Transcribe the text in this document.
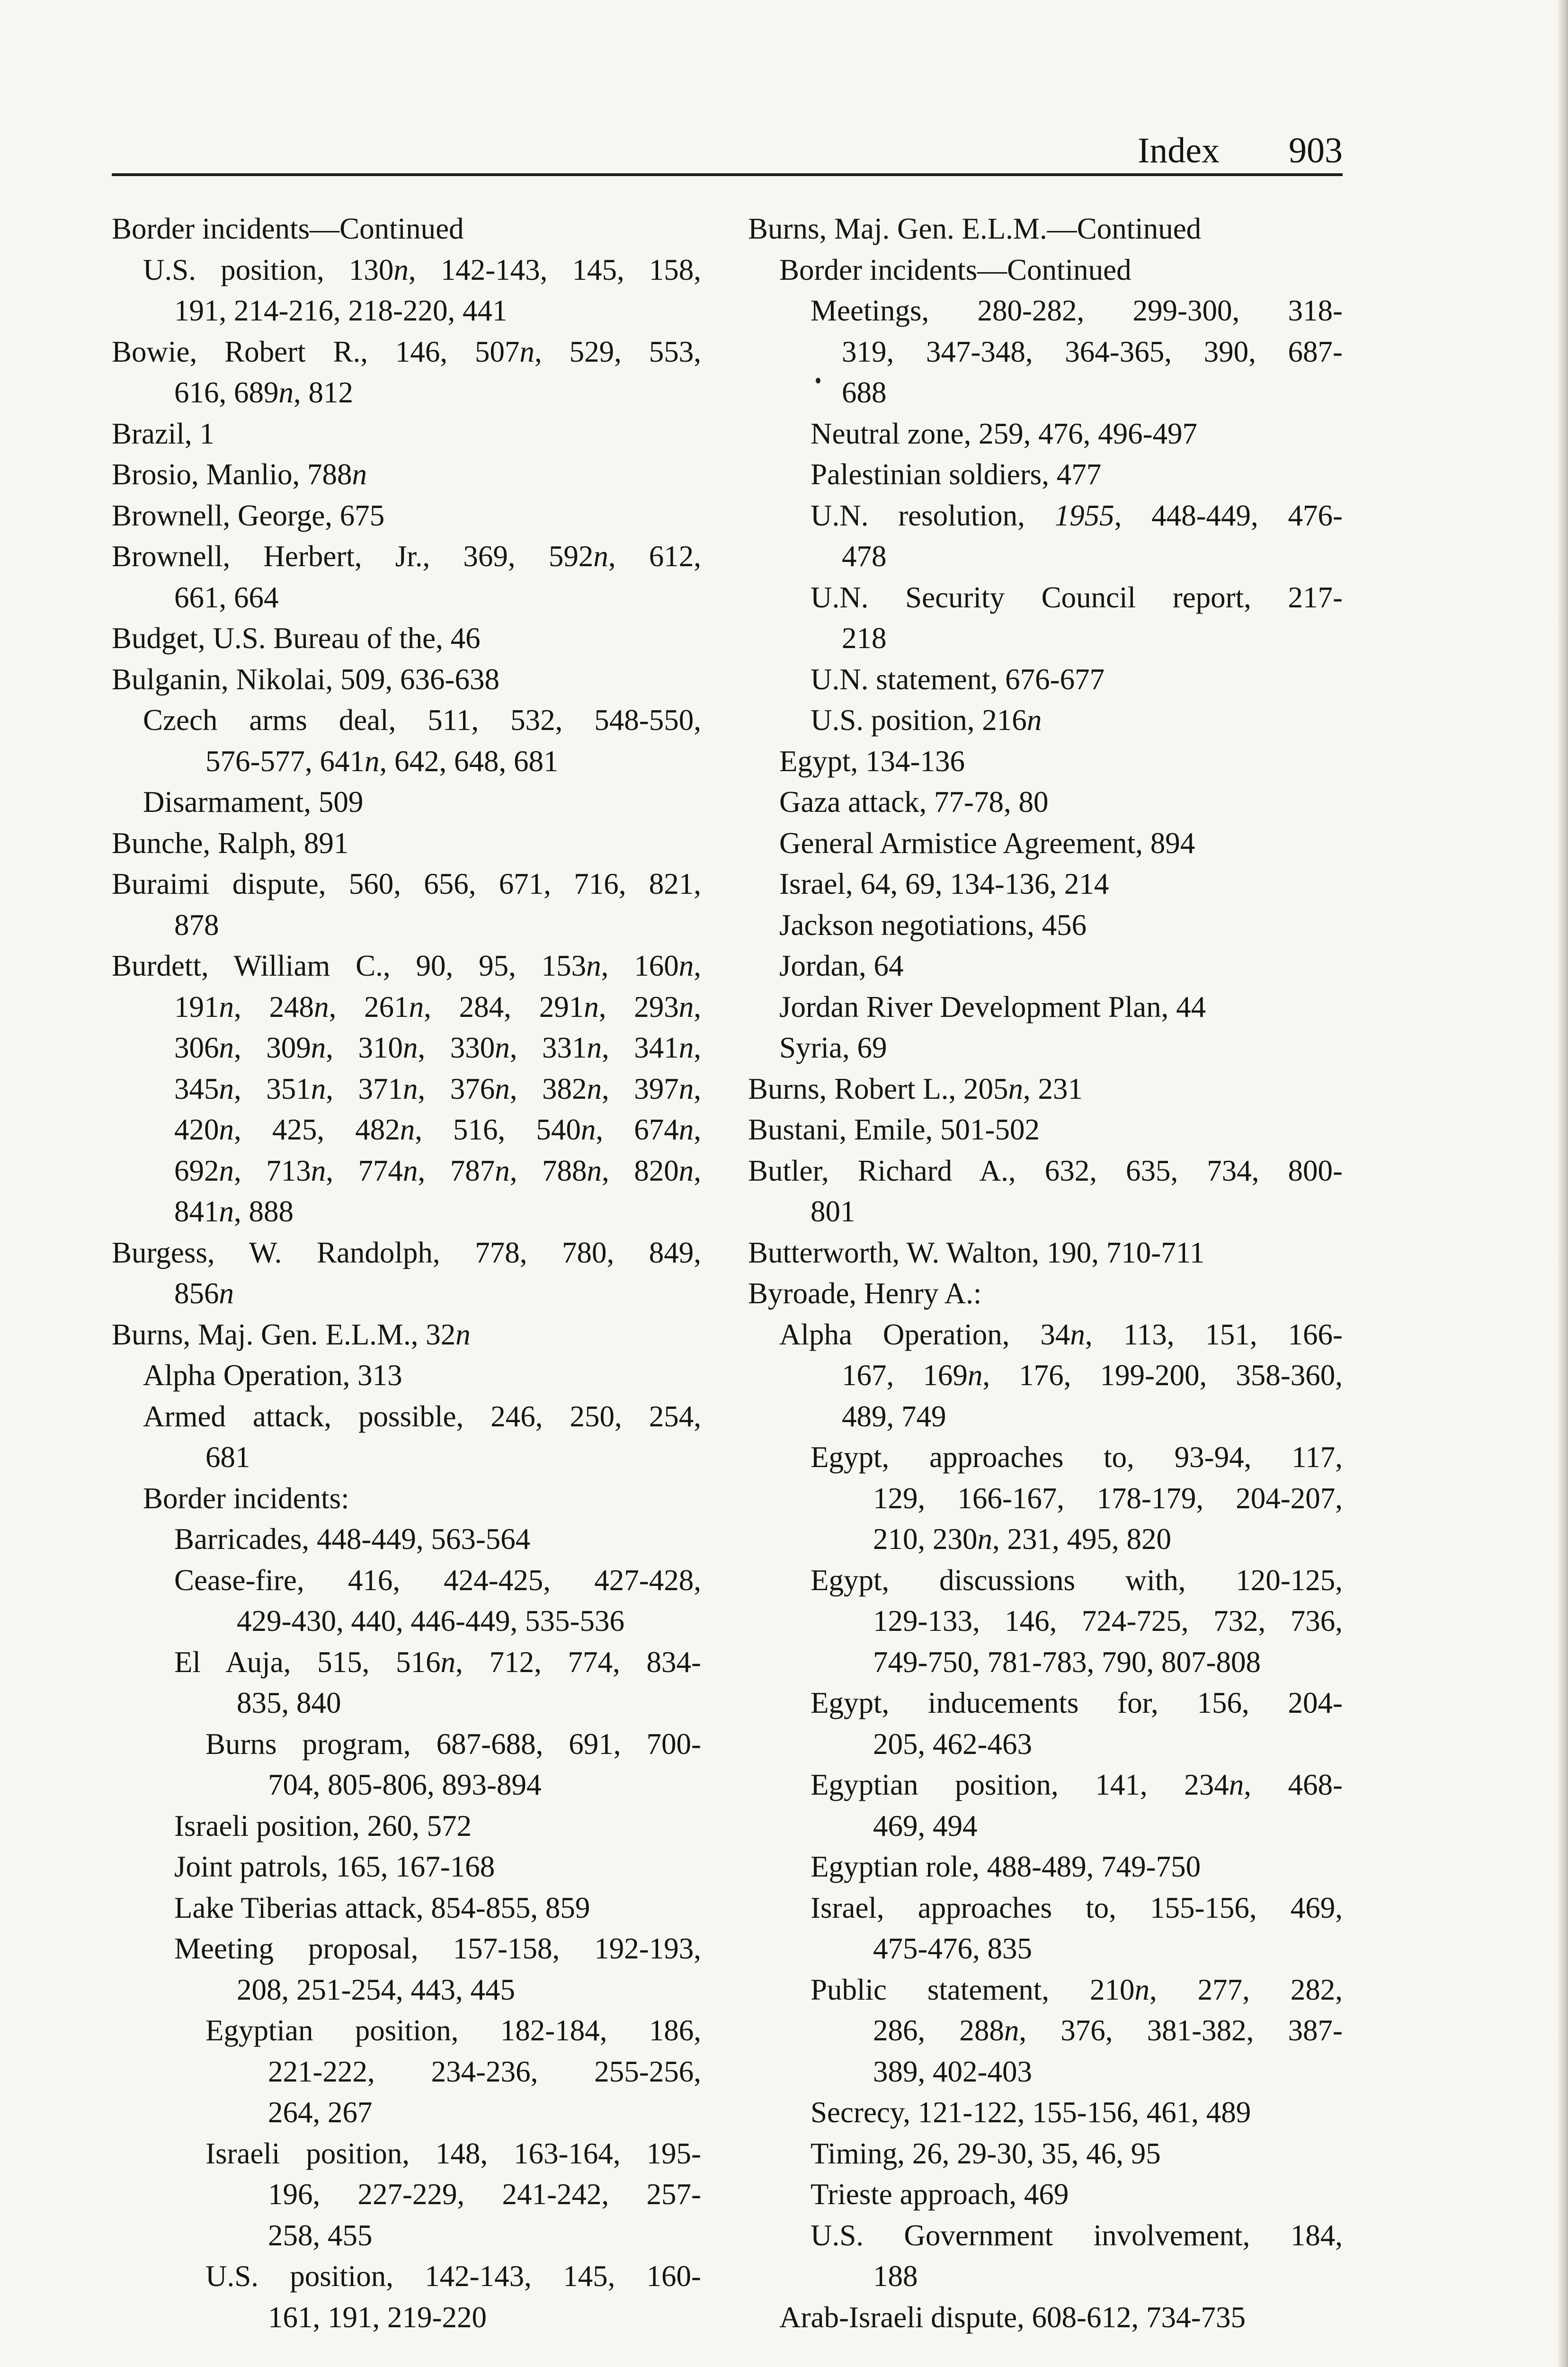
Index 903
Border incidents—Continued
U.S. position, 130n, 142-143, 145, 158,
191, 214-216, 218-220, 441
Bowie, Robert R., 146, 507n, 529, 553,
616, 689n, 812
Brazil, 1
Brosio, Manlio, 788n
Brownell, George, 675
Brownell, Herbert, Jr., 369, 592n, 612,
661, 664
Budget, U.S. Bureau of the, 46
Bulganin, Nikolai, 509, 636-638
Czech arms deal, 511, 532, 548-550,
576-577, 641n, 642, 648, 681
Disarmament, 509
Bunche, Ralph, 891
Buraimi dispute, 560, 656, 671, 716, 821,
878
Burdett, William C., 90, 95, 153n, 160n,
191n, 248n, 261n, 284, 291n, 293n,
306n, 309n, 310n, 330n, 331n, 341n,
345n, 351n, 371n, 376n, 382n, 397n,
420n, 425, 482n, 516, 540n, 674n,
692n, 713n, 774n, 787n, 788n, 820n,
841n, 888
Burgess, W. Randolph, 778, 780, 849,
856n
Burns, Maj. Gen. E.L.M., 32n
Alpha Operation, 313
Armed attack, possible, 246, 250, 254,
681
Border incidents:
Barricades, 448-449, 563-564
Cease-fire, 416, 424-425, 427-428,
429-430, 440, 446-449, 535-536
El Auja, 515, 516n, 712, 774, 834-
835, 840
Burns program, 687-688, 691, 700-
704, 805-806, 893-894
Israeli position, 260, 572
Joint patrols, 165, 167-168
Lake Tiberias attack, 854-855, 859
Meeting proposal, 157-158, 192-193,
208, 251-254, 443, 445
Egyptian position, 182-184, 186,
221-222, 234-236, 255-256,
264, 267
Israeli position, 148, 163-164, 195-
196, 227-229, 241-242, 257-
258, 455
U.S. position, 142-143, 145, 160-
161, 191, 219-220
Burns, Maj. Gen. E.L.M.—Continued
Border incidents—Continued
Meetings, 280-282, 299-300, 318-
319, 347-348, 364-365, 390, 687-
688
Neutral zone, 259, 476, 496-497
Palestinian soldiers, 477
U.N. resolution, 1955, 448-449, 476-
478
U.N. Security Council report, 217-
218
U.N. statement, 676-677
U.S. position, 216n
Egypt, 134-136
Gaza attack, 77-78, 80
General Armistice Agreement, 894
Israel, 64, 69, 134-136, 214
Jackson negotiations, 456
Jordan, 64
Jordan River Development Plan, 44
Syria, 69
Burns, Robert L., 205n, 231
Bustani, Emile, 501-502
Butler, Richard A., 632, 635, 734, 800-
801
Butterworth, W. Walton, 190, 710-711
Byroade, Henry A.:
Alpha Operation, 34n, 113, 151, 166-
167, 169n, 176, 199-200, 358-360,
489, 749
Egypt, approaches to, 93-94, 117,
129, 166-167, 178-179, 204-207,
210, 230n, 231, 495, 820
Egypt, discussions with, 120-125,
129-133, 146, 724-725, 732, 736,
749-750, 781-783, 790, 807-808
Egypt, inducements for, 156, 204-
205, 462-463
Egyptian position, 141, 234n, 468-
469, 494
Egyptian role, 488-489, 749-750
Israel, approaches to, 155-156, 469,
475-476, 835
Public statement, 210n, 277, 282,
286, 288n, 376, 381-382, 387-
389, 402-403
Secrecy, 121-122, 155-156, 461, 489
Timing, 26, 29-30, 35, 46, 95
Trieste approach, 469
U.S. Government involvement, 184,
188
Arab-Israeli dispute, 608-612, 734-735
